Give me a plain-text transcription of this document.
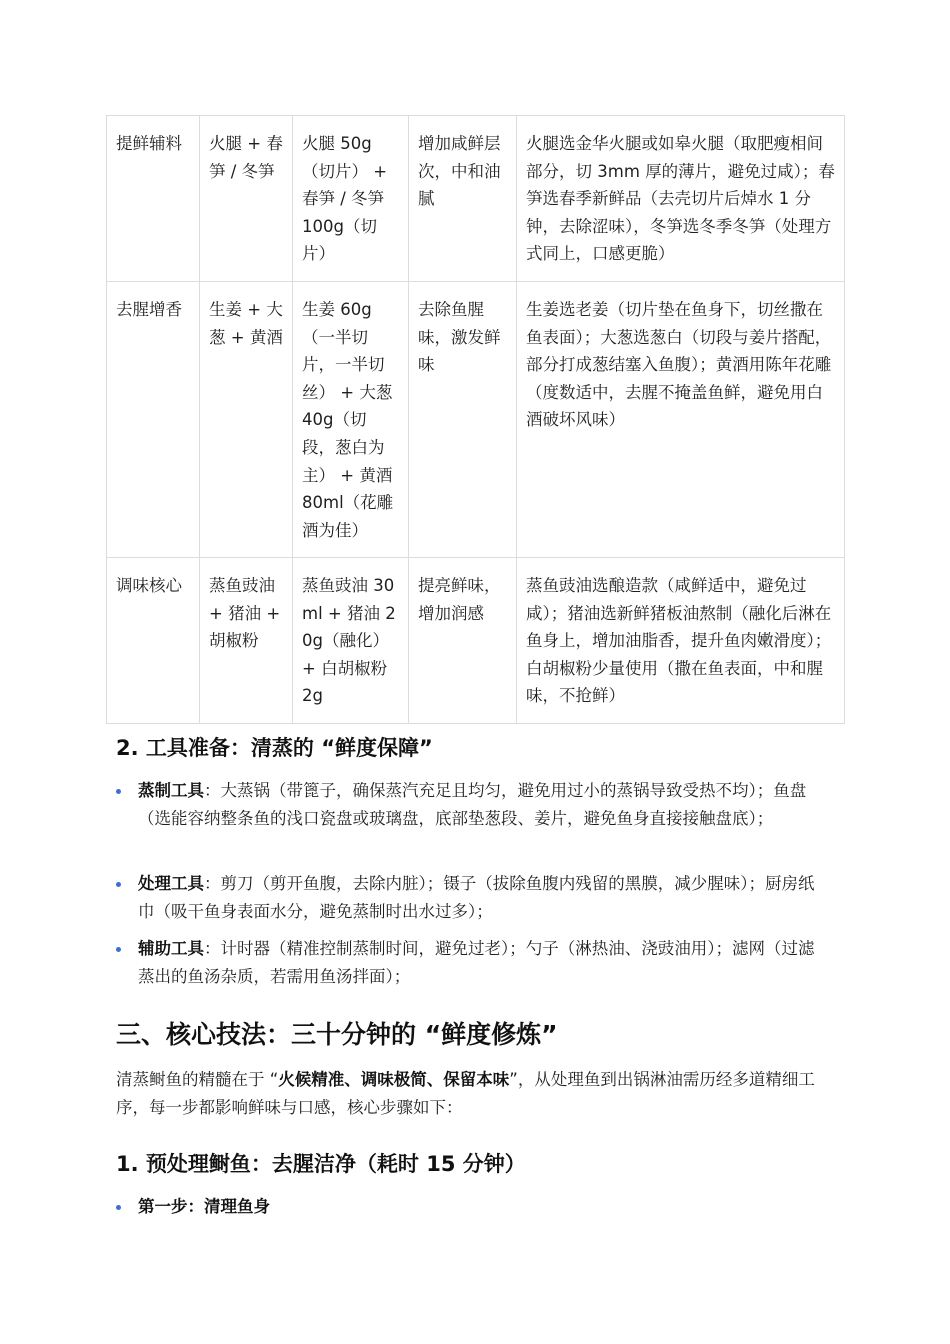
提鲜辅料	火腿 + 春笋 / 冬笋	火腿 50g （切片） + 春笋 / 冬笋 100g（切片）	增加咸鲜层次，中和油腻	火腿选金华火腿或如皋火腿（取肥瘦相间部分，切 3mm 厚的薄片，避免过咸）；春笋选春季新鲜品（去壳切片后焯水 1 分钟，去除涩味），冬笋选冬季冬笋（处理方式同上，口感更脆）
去腥增香	生姜 + 大葱 + 黄酒	生姜 60g （一半切片，一半切丝） + 大葱 40g（切段，葱白为主） + 黄酒 80ml（花雕酒为佳）	去除鱼腥味，激发鲜味	生姜选老姜（切片垫在鱼身下，切丝撒在鱼表面）；大葱选葱白（切段与姜片搭配，部分打成葱结塞入鱼腹）；黄酒用陈年花雕（度数适中，去腥不掩盖鱼鲜，避免用白酒破坏风味）
调味核心	蒸鱼豉油 + 猪油 + 胡椒粉	蒸鱼豉油 30ml + 猪油 20g（融化） + 白胡椒粉 2g	提亮鲜味，增加润感	蒸鱼豉油选酿造款（咸鲜适中，避免过咸）；猪油选新鲜猪板油熬制（融化后淋在鱼身上，增加油脂香，提升鱼肉嫩滑度）；白胡椒粉少量使用（撒在鱼表面，中和腥味，不抢鲜）
2. 工具准备：清蒸的 “鲜度保障”
蒸制工具：大蒸锅（带篦子，确保蒸汽充足且均匀，避免用过小的蒸锅导致受热不均）；鱼盘（选能容纳整条鱼的浅口瓷盘或玻璃盘，底部垫葱段、姜片，避免鱼身直接接触盘底）；
处理工具：剪刀（剪开鱼腹，去除内脏）；镊子（拔除鱼腹内残留的黑膜，减少腥味）；厨房纸巾（吸干鱼身表面水分，避免蒸制时出水过多）；
辅助工具：计时器（精准控制蒸制时间，避免过老）；勺子（淋热油、浇豉油用）；滤网（过滤蒸出的鱼汤杂质，若需用鱼汤拌面）；
三、核心技法：三十分钟的 “鲜度修炼”

清蒸鲥鱼的精髓在于 “火候精准、调味极简、保留本味”，从处理鱼到出锅淋油需历经多道精细工序，每一步都影响鲜味与口感，核心步骤如下：

1. 预处理鲥鱼：去腥洁净（耗时 15 分钟）
第一步：清理鱼身
